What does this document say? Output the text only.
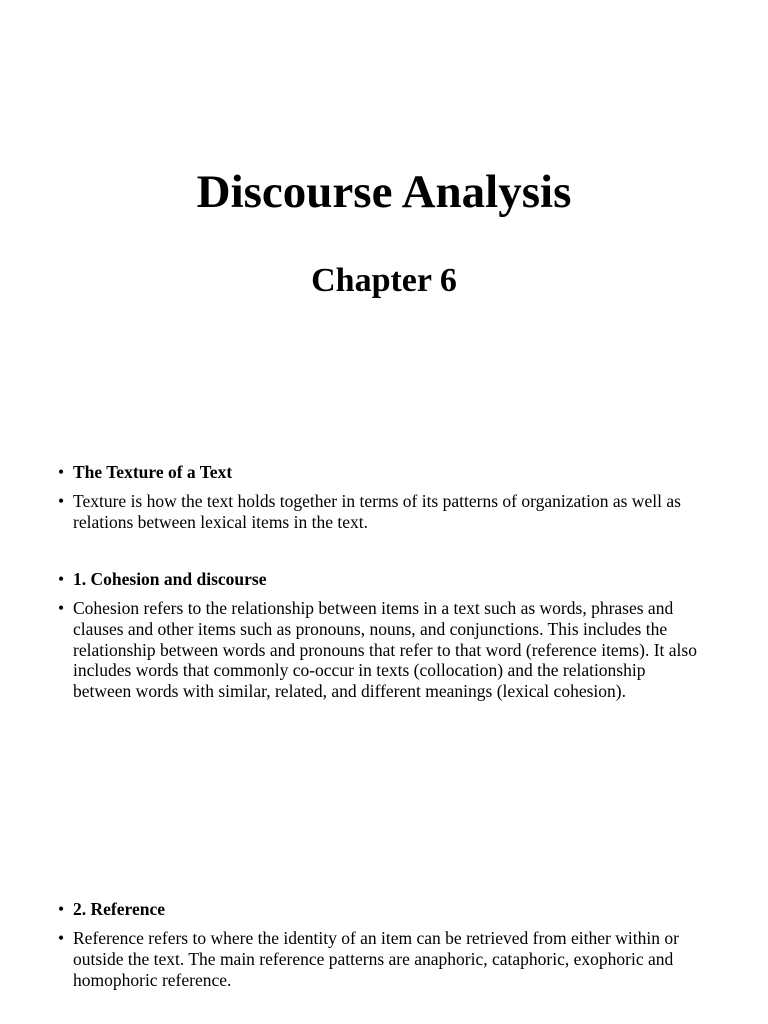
Discourse Analysis
Chapter 6
• The Texture of a Text
• Texture is how the text holds together in terms of its patterns of organization as well as relations between lexical items in the text.
• 1. Cohesion and discourse
• Cohesion refers to the relationship between items in a text such as words, phrases and clauses and other items such as pronouns, nouns, and conjunctions. This includes the relationship between words and pronouns that refer to that word (reference items). It also includes words that commonly co-occur in texts (collocation) and the relationship between words with similar, related, and different meanings (lexical cohesion).
• 2. Reference
• Reference refers to where the identity of an item can be retrieved from either within or outside the text. The main reference patterns are anaphoric, cataphoric, exophoric and homophoric reference.
